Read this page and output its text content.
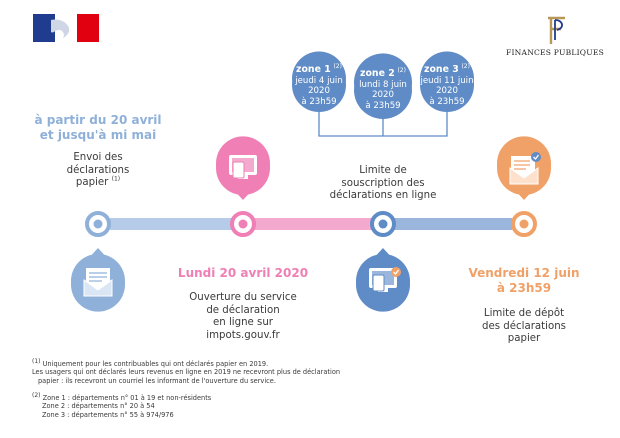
FINANCES PUBLIQUES
zone 1 $^{(2)}$
jeudi 4 juin
2020
à 23h59
zone 2 $^{(2)}$
lundi 8 juin
2020
à 23h59
zone 3 $^{(2)}$
jeudi 11 juin
2020
à 23h59
à partir du 20 avril
et jusqu'à mi mai
Envoi des
déclarations
papier $^{(1)}$
Lundi 20 avril 2020
Ouverture du service
de déclaration
en ligne sur
impots.gouv.fr
Limite de
souscription des
déclarations en ligne
Vendredi 12 juin
à 23h59
Limite de dépôt
des déclarations
papier
$^{(1)}$ Uniquement pour les contribuables qui ont déclarés papier en 2019.
Les usagers qui ont déclarés leurs revenus en ligne en 2019 ne recevront plus de déclaration
papier : ils recevront un courriel les informant de l'ouverture du service.
$^{(2)}$ Zone 1 : départements n° 01 à 19 et non-résidents
Zone 2 : départements n° 20 à 54
Zone 3 : départements n° 55 à 974/976
